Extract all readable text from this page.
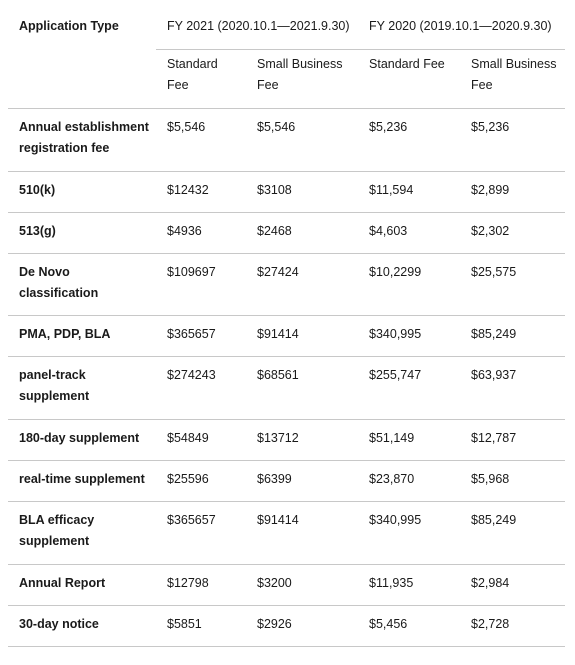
Application Type	FY 2021 (2020.10.1—2021.9.30)		FY 2020 (2019.10.1—2020.9.30)	
	Standard Fee	Small Business Fee	Standard Fee	Small Business Fee
Annual establishment registration fee	$5,546	$5,546	$5,236	$5,236
510(k)	$12432	$3108	$11,594	$2,899
513(g)	$4936	$2468	$4,603	$2,302
De Novo classification	$109697	$27424	$10,2299	$25,575
PMA, PDP, BLA	$365657	$91414	$340,995	$85,249
panel-track supplement	$274243	$68561	$255,747	$63,937
180-day supplement	$54849	$13712	$51,149	$12,787
real-time supplement	$25596	$6399	$23,870	$5,968
BLA efficacy supplement	$365657	$91414	$340,995	$85,249
Annual Report	$12798	$3200	$11,935	$2,984
30-day notice	$5851	$2926	$5,456	$2,728
